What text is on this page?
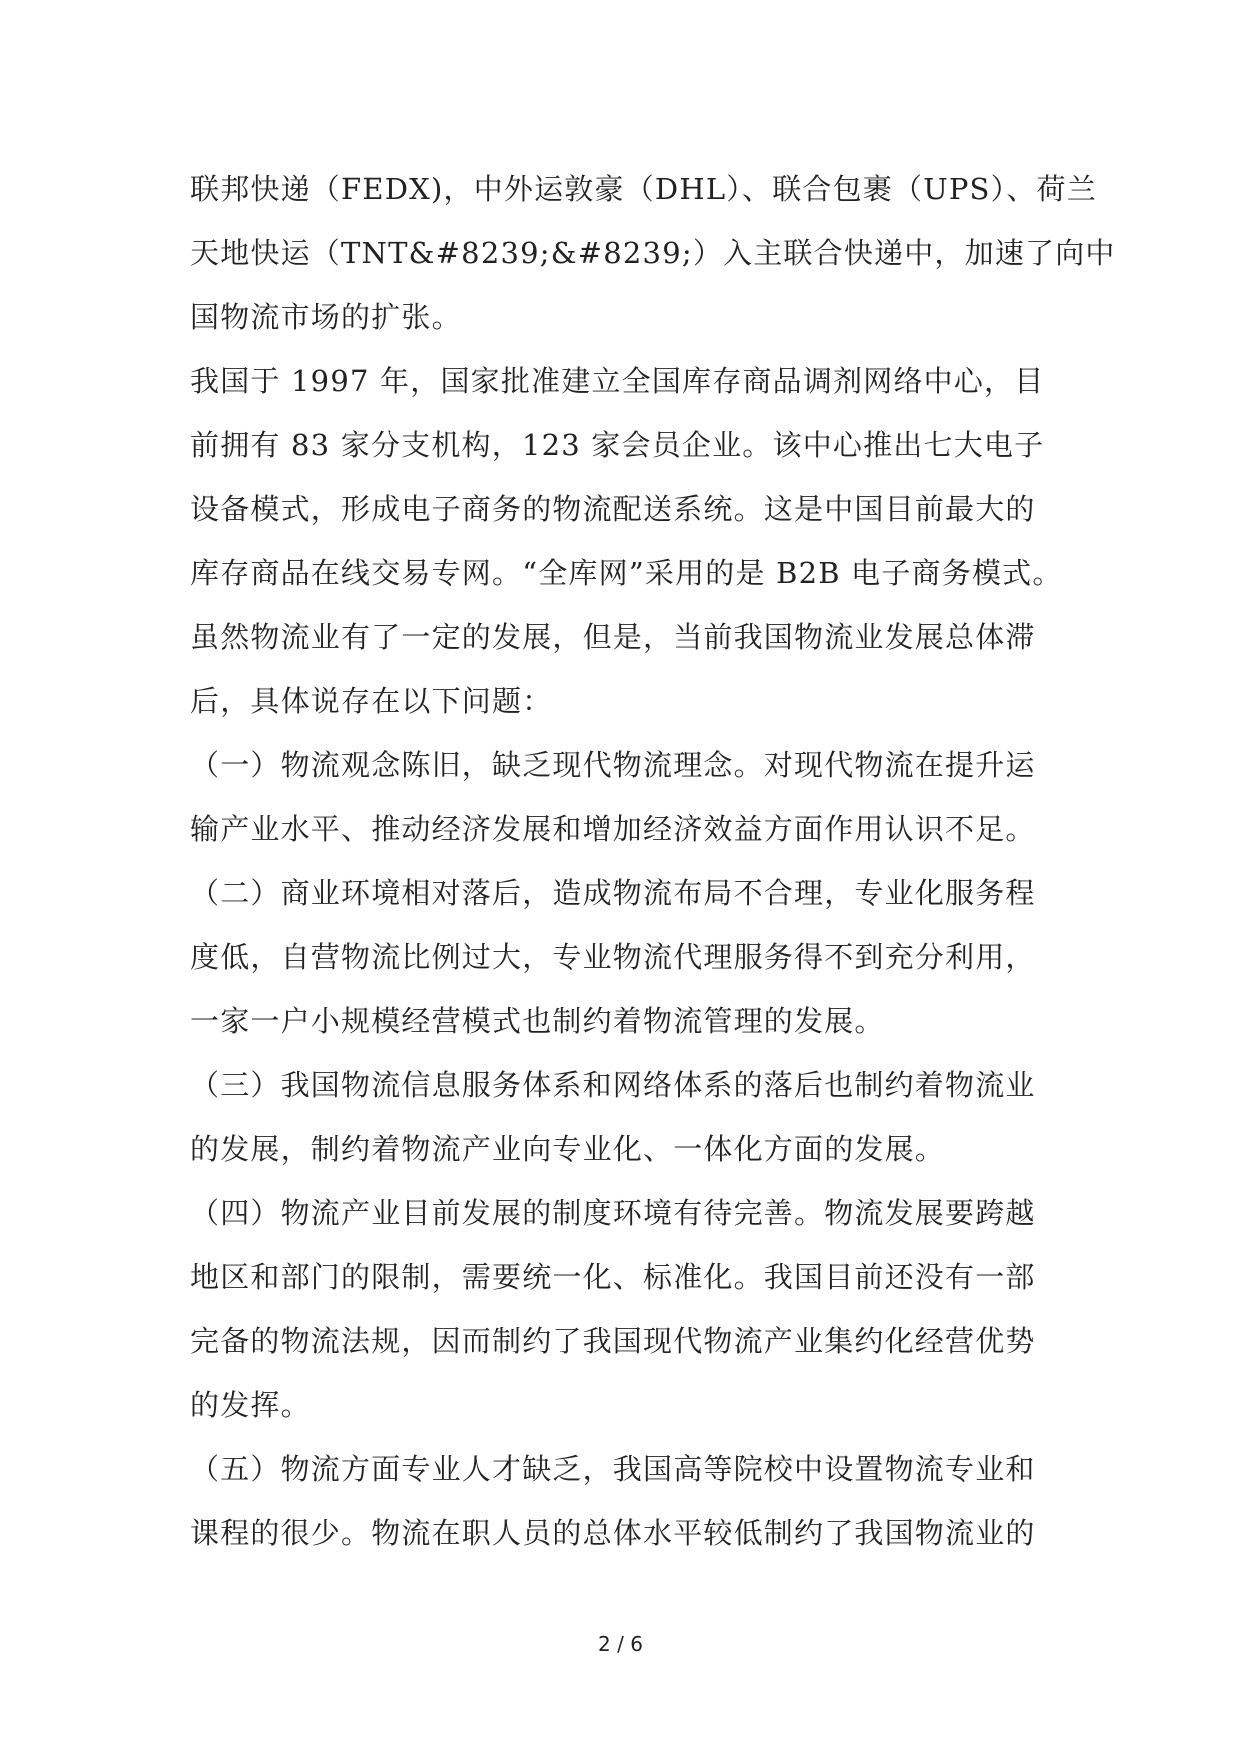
联邦快递（FEDX)，中外运敦豪（DHL）、联合包裹（UPS）、荷兰
天地快运（TNT&#8239;&#8239;）入主联合快递中，加速了向中
国物流市场的扩张。
我国于 1997 年，国家批准建立全国库存商品调剂网络中心，目
前拥有 83 家分支机构，123 家会员企业。该中心推出七大电子
设备模式，形成电子商务的物流配送系统。这是中国目前最大的
库存商品在线交易专网。“全库网”采用的是 B2B 电子商务模式。
虽然物流业有了一定的发展，但是，当前我国物流业发展总体滞
后，具体说存在以下问题：
（一）物流观念陈旧，缺乏现代物流理念。对现代物流在提升运
输产业水平、推动经济发展和增加经济效益方面作用认识不足。
（二）商业环境相对落后，造成物流布局不合理，专业化服务程
度低，自营物流比例过大，专业物流代理服务得不到充分利用，
一家一户小规模经营模式也制约着物流管理的发展。
（三）我国物流信息服务体系和网络体系的落后也制约着物流业
的发展，制约着物流产业向专业化、一体化方面的发展。
（四）物流产业目前发展的制度环境有待完善。物流发展要跨越
地区和部门的限制，需要统一化、标准化。我国目前还没有一部
完备的物流法规，因而制约了我国现代物流产业集约化经营优势
的发挥。
（五）物流方面专业人才缺乏，我国高等院校中设置物流专业和
课程的很少。物流在职人员的总体水平较低制约了我国物流业的
2 / 6
